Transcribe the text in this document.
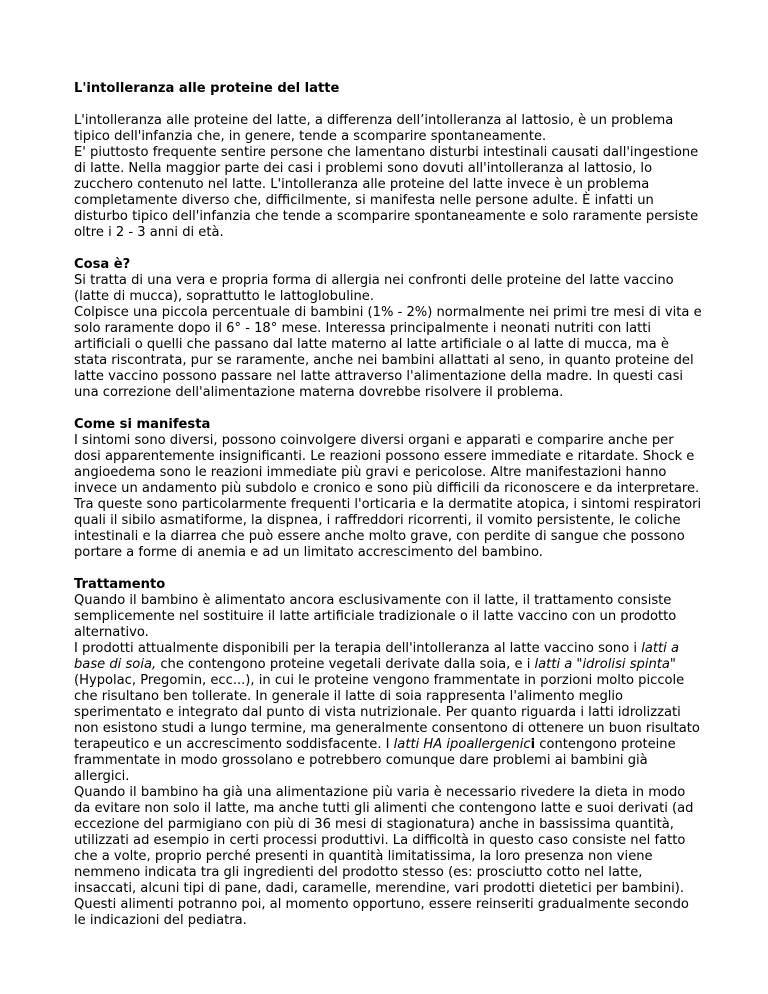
L'intolleranza alle proteine del latte
L'intolleranza alle proteine del latte, a differenza dell’intolleranza al lattosio, è un problema tipico dell'infanzia che, in genere, tende a scomparire spontaneamente.
E' piuttosto frequente sentire persone che lamentano disturbi intestinali causati dall'ingestione di latte. Nella maggior parte dei casi i problemi sono dovuti all'intolleranza al lattosio, lo zucchero contenuto nel latte. L'intolleranza alle proteine del latte invece è un problema completamente diverso che, difficilmente, si manifesta nelle persone adulte. È infatti un disturbo tipico dell'infanzia che tende a scomparire spontaneamente e solo raramente persiste oltre i 2 - 3 anni di età.
Cosa è?
Si tratta di una vera e propria forma di allergia nei confronti delle proteine del latte vaccino (latte di mucca), soprattutto le lattoglobuline.
Colpisce una piccola percentuale di bambini (1% - 2%) normalmente nei primi tre mesi di vita e solo raramente dopo il 6° - 18° mese. Interessa principalmente i neonati nutriti con latti artificiali o quelli che passano dal latte materno al latte artificiale o al latte di mucca, ma è stata riscontrata, pur se raramente, anche nei bambini allattati al seno, in quanto proteine del latte vaccino possono passare nel latte attraverso l'alimentazione della madre. In questi casi una correzione dell'alimentazione materna dovrebbe risolvere il problema.
Come si manifesta
I sintomi sono diversi, possono coinvolgere diversi organi e apparati e comparire anche per dosi apparentemente insignificanti. Le reazioni possono essere immediate e ritardate. Shock e angioedema sono le reazioni immediate più gravi e pericolose. Altre manifestazioni hanno invece un andamento più subdolo e cronico e sono più difficili da riconoscere e da interpretare. Tra queste sono particolarmente frequenti l'orticaria e la dermatite atopica, i sintomi respiratori quali il sibilo asmatiforme, la dispnea, i raffreddori ricorrenti, il vomito persistente, le coliche intestinali e la diarrea che può essere anche molto grave, con perdite di sangue che possono portare a forme di anemia e ad un limitato accrescimento del bambino.
Trattamento
Quando il bambino è alimentato ancora esclusivamente con il latte, il trattamento consiste semplicemente nel sostituire il latte artificiale tradizionale o il latte vaccino con un prodotto alternativo.
I prodotti attualmente disponibili per la terapia dell'intolleranza al latte vaccino sono i latti a base di soia, che contengono proteine vegetali derivate dalla soia, e i latti a "idrolisi spinta" (Hypolac, Pregomin, ecc...), in cui le proteine vengono frammentate in porzioni molto piccole che risultano ben tollerate. In generale il latte di soia rappresenta l'alimento meglio sperimentato e integrato dal punto di vista nutrizionale. Per quanto riguarda i latti idrolizzati non esistono studi a lungo termine, ma generalmente consentono di ottenere un buon risultato terapeutico e un accrescimento soddisfacente. I latti HA ipoallergenici contengono proteine frammentate in modo grossolano e potrebbero comunque dare problemi ai bambini già allergici.
Quando il bambino ha già una alimentazione più varia è necessario rivedere la dieta in modo da evitare non solo il latte, ma anche tutti gli alimenti che contengono latte e suoi derivati (ad eccezione del parmigiano con più di 36 mesi di stagionatura) anche in bassissima quantità, utilizzati ad esempio in certi processi produttivi. La difficoltà in questo caso consiste nel fatto che a volte, proprio perché presenti in quantità limitatissima, la loro presenza non viene nemmeno indicata tra gli ingredienti del prodotto stesso (es: prosciutto cotto nel latte, insaccati, alcuni tipi di pane, dadi, caramelle, merendine, vari prodotti dietetici per bambini). Questi alimenti potranno poi, al momento opportuno, essere reinseriti gradualmente secondo le indicazioni del pediatra.
